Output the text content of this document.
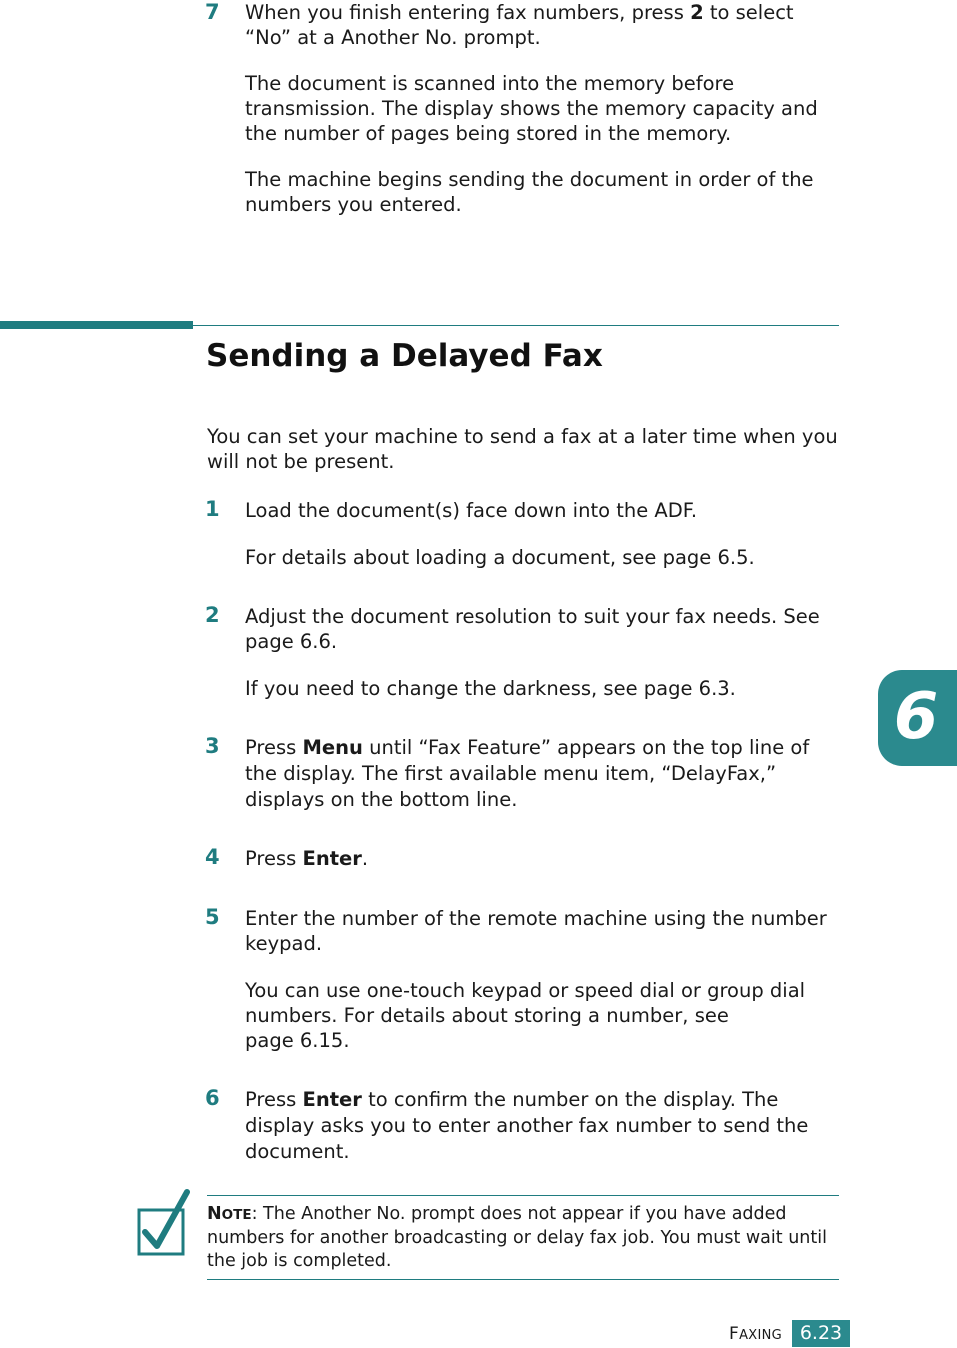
7	When you finish entering fax numbers, press 2 to select “No” at a Another No. prompt.

The document is scanned into the memory before transmission. The display shows the memory capacity and the number of pages being stored in the memory.

The machine begins sending the document in order of the numbers you entered.

Sending a Delayed Fax

You can set your machine to send a fax at a later time when you will not be present.

1	Load the document(s) face down into the ADF.

For details about loading a document, see page 6.5.

2	Adjust the document resolution to suit your fax needs. See page 6.6.

If you need to change the darkness, see page 6.3.

3	Press Menu until “Fax Feature” appears on the top line of the display. The first available menu item, “DelayFax,” displays on the bottom line.

4	Press Enter.

5	Enter the number of the remote machine using the number keypad.

You can use one-touch keypad or speed dial or group dial numbers. For details about storing a number, see
page 6.15.

6	Press Enter to confirm the number on the display. The display asks you to enter another fax number to send the document.

NOTE: The Another No. prompt does not appear if you have added numbers for another broadcasting or delay fax job. You must wait until the job is completed.

6
FAXING 6.23
